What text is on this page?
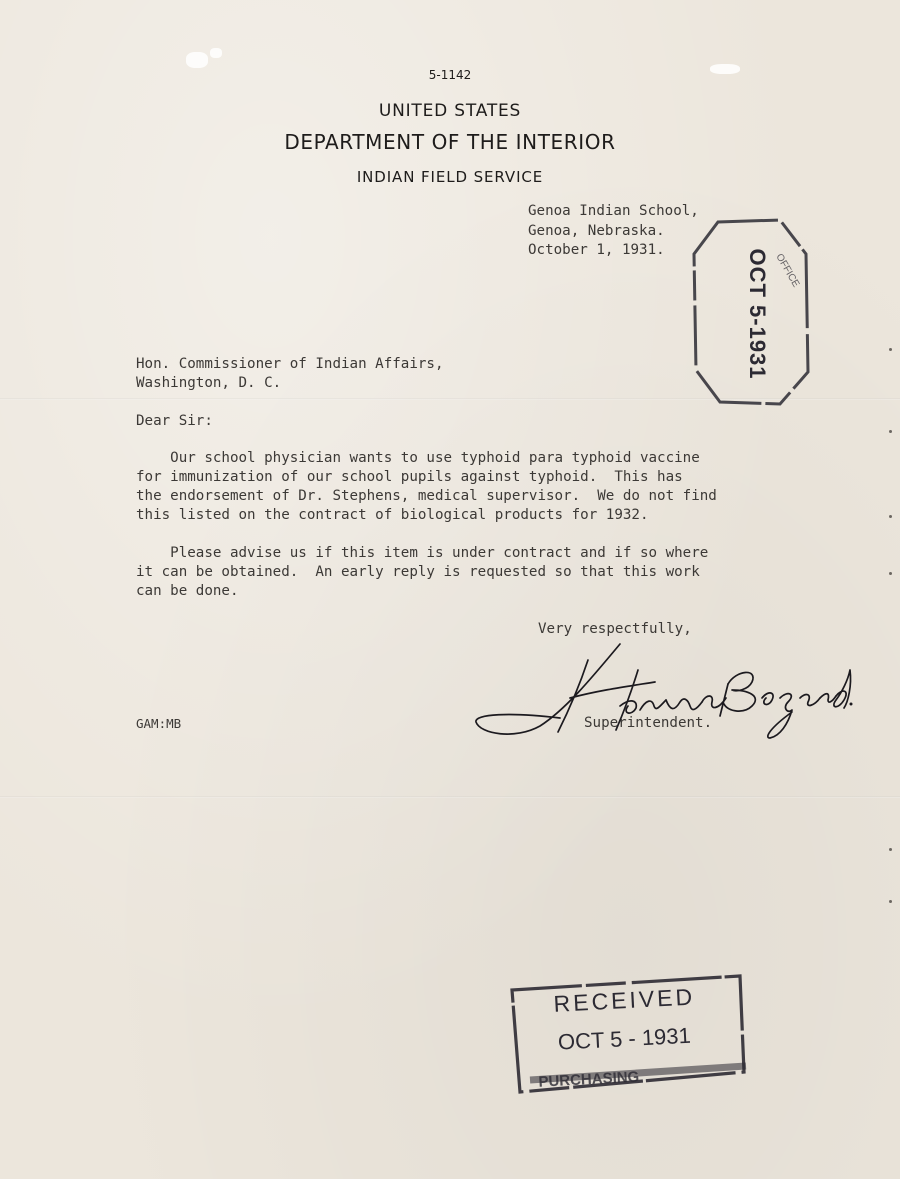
5-1142
UNITED STATES
DEPARTMENT OF THE INTERIOR
INDIAN FIELD SERVICE
Genoa Indian School,
Genoa, Nebraska.
October 1, 1931.
Hon. Commissioner of Indian Affairs,
Washington, D. C.
Dear Sir:
Our school physician wants to use typhoid para typhoid vaccine
for immunization of our school pupils against typhoid.  This has
the endorsement of Dr. Stephens, medical supervisor.  We do not find
this listed on the contract of biological products for 1932.
Please advise us if this item is under contract and if so where
it can be obtained.  An early reply is requested so that this work
can be done.
Very respectfully,
Superintendent.
GAM:MB
OCT 5-1931 OFFICE
RECEIVED
OCT 5 - 1931
PURCHASING
